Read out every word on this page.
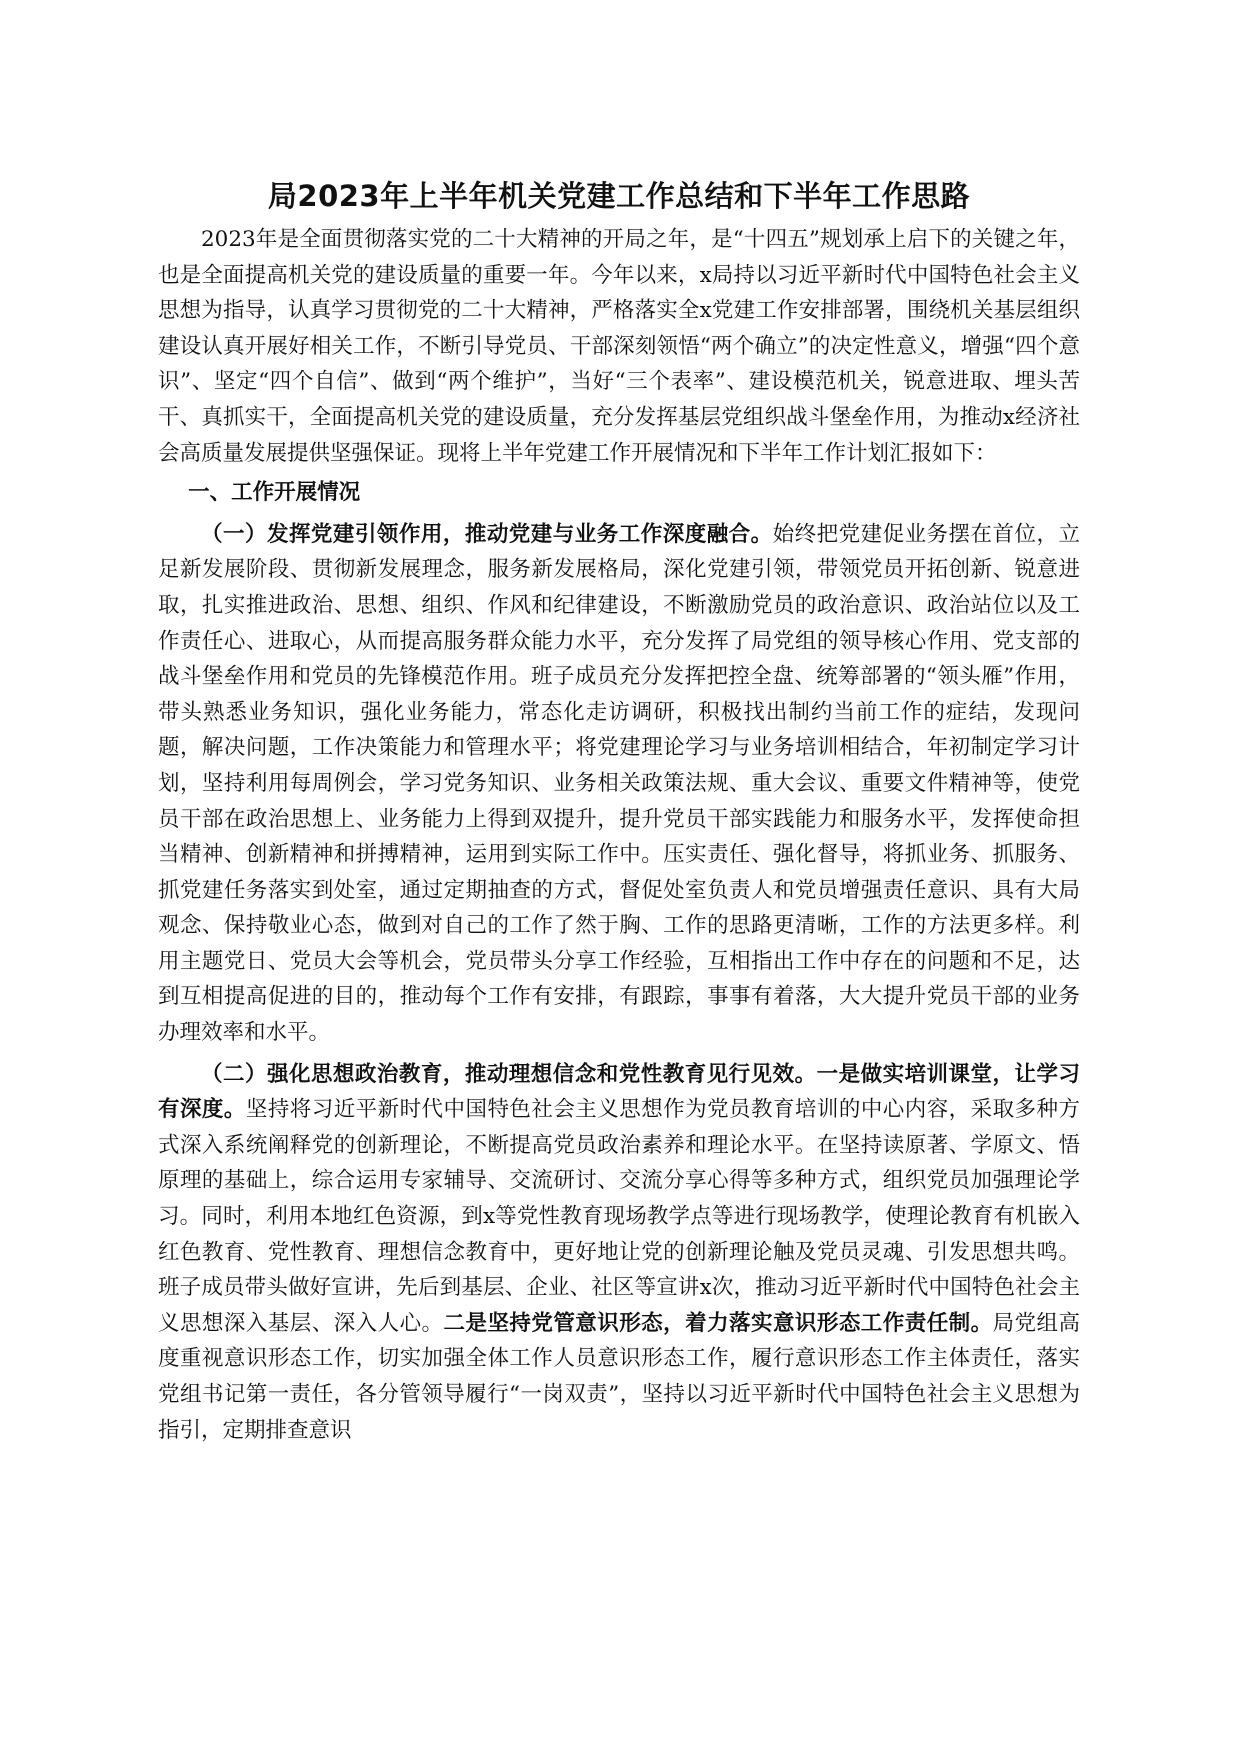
局2023年上半年机关党建工作总结和下半年工作思路

2023年是全面贯彻落实党的二十大精神的开局之年，是“十四五”规划承上启下的关键之年，也是全面提高机关党的建设质量的重要一年。今年以来，x局持以习近平新时代中国特色社会主义思想为指导，认真学习贯彻党的二十大精神，严格落实全x党建工作安排部署，围绕机关基层组织建设认真开展好相关工作，不断引导党员、干部深刻领悟“两个确立”的决定性意义，增强“四个意识”、坚定“四个自信”、做到“两个维护”，当好“三个表率”、建设模范机关，锐意进取、埋头苦干、真抓实干，全面提高机关党的建设质量，充分发挥基层党组织战斗堡垒作用，为推动x经济社会高质量发展提供坚强保证。现将上半年党建工作开展情况和下半年工作计划汇报如下：

一、工作开展情况

（一）发挥党建引领作用，推动党建与业务工作深度融合。始终把党建促业务摆在首位，立足新发展阶段、贯彻新发展理念，服务新发展格局，深化党建引领，带领党员开拓创新、锐意进取，扎实推进政治、思想、组织、作风和纪律建设，不断激励党员的政治意识、政治站位以及工作责任心、进取心，从而提高服务群众能力水平，充分发挥了局党组的领导核心作用、党支部的战斗堡垒作用和党员的先锋模范作用。班子成员充分发挥把控全盘、统筹部署的“领头雁”作用，带头熟悉业务知识，强化业务能力，常态化走访调研，积极找出制约当前工作的症结，发现问题，解决问题，工作决策能力和管理水平；将党建理论学习与业务培训相结合，年初制定学习计划，坚持利用每周例会，学习党务知识、业务相关政策法规、重大会议、重要文件精神等，使党员干部在政治思想上、业务能力上得到双提升，提升党员干部实践能力和服务水平，发挥使命担当精神、创新精神和拼搏精神，运用到实际工作中。压实责任、强化督导，将抓业务、抓服务、抓党建任务落实到处室，通过定期抽查的方式，督促处室负责人和党员增强责任意识、具有大局观念、保持敬业心态，做到对自己的工作了然于胸、工作的思路更清晰，工作的方法更多样。利用主题党日、党员大会等机会，党员带头分享工作经验，互相指出工作中存在的问题和不足，达到互相提高促进的目的，推动每个工作有安排，有跟踪，事事有着落，大大提升党员干部的业务办理效率和水平。

（二）强化思想政治教育，推动理想信念和党性教育见行见效。一是做实培训课堂，让学习有深度。坚持将习近平新时代中国特色社会主义思想作为党员教育培训的中心内容，采取多种方式深入系统阐释党的创新理论，不断提高党员政治素养和理论水平。在坚持读原著、学原文、悟原理的基础上，综合运用专家辅导、交流研讨、交流分享心得等多种方式，组织党员加强理论学习。同时，利用本地红色资源，到x等党性教育现场教学点等进行现场教学，使理论教育有机嵌入红色教育、党性教育、理想信念教育中，更好地让党的创新理论触及党员灵魂、引发思想共鸣。班子成员带头做好宣讲，先后到基层、企业、社区等宣讲x次，推动习近平新时代中国特色社会主义思想深入基层、深入人心。二是坚持党管意识形态，着力落实意识形态工作责任制。局党组高度重视意识形态工作，切实加强全体工作人员意识形态工作，履行意识形态工作主体责任，落实党组书记第一责任，各分管领导履行“一岗双责”，坚持以习近平新时代中国特色社会主义思想为指引，定期排查意识
